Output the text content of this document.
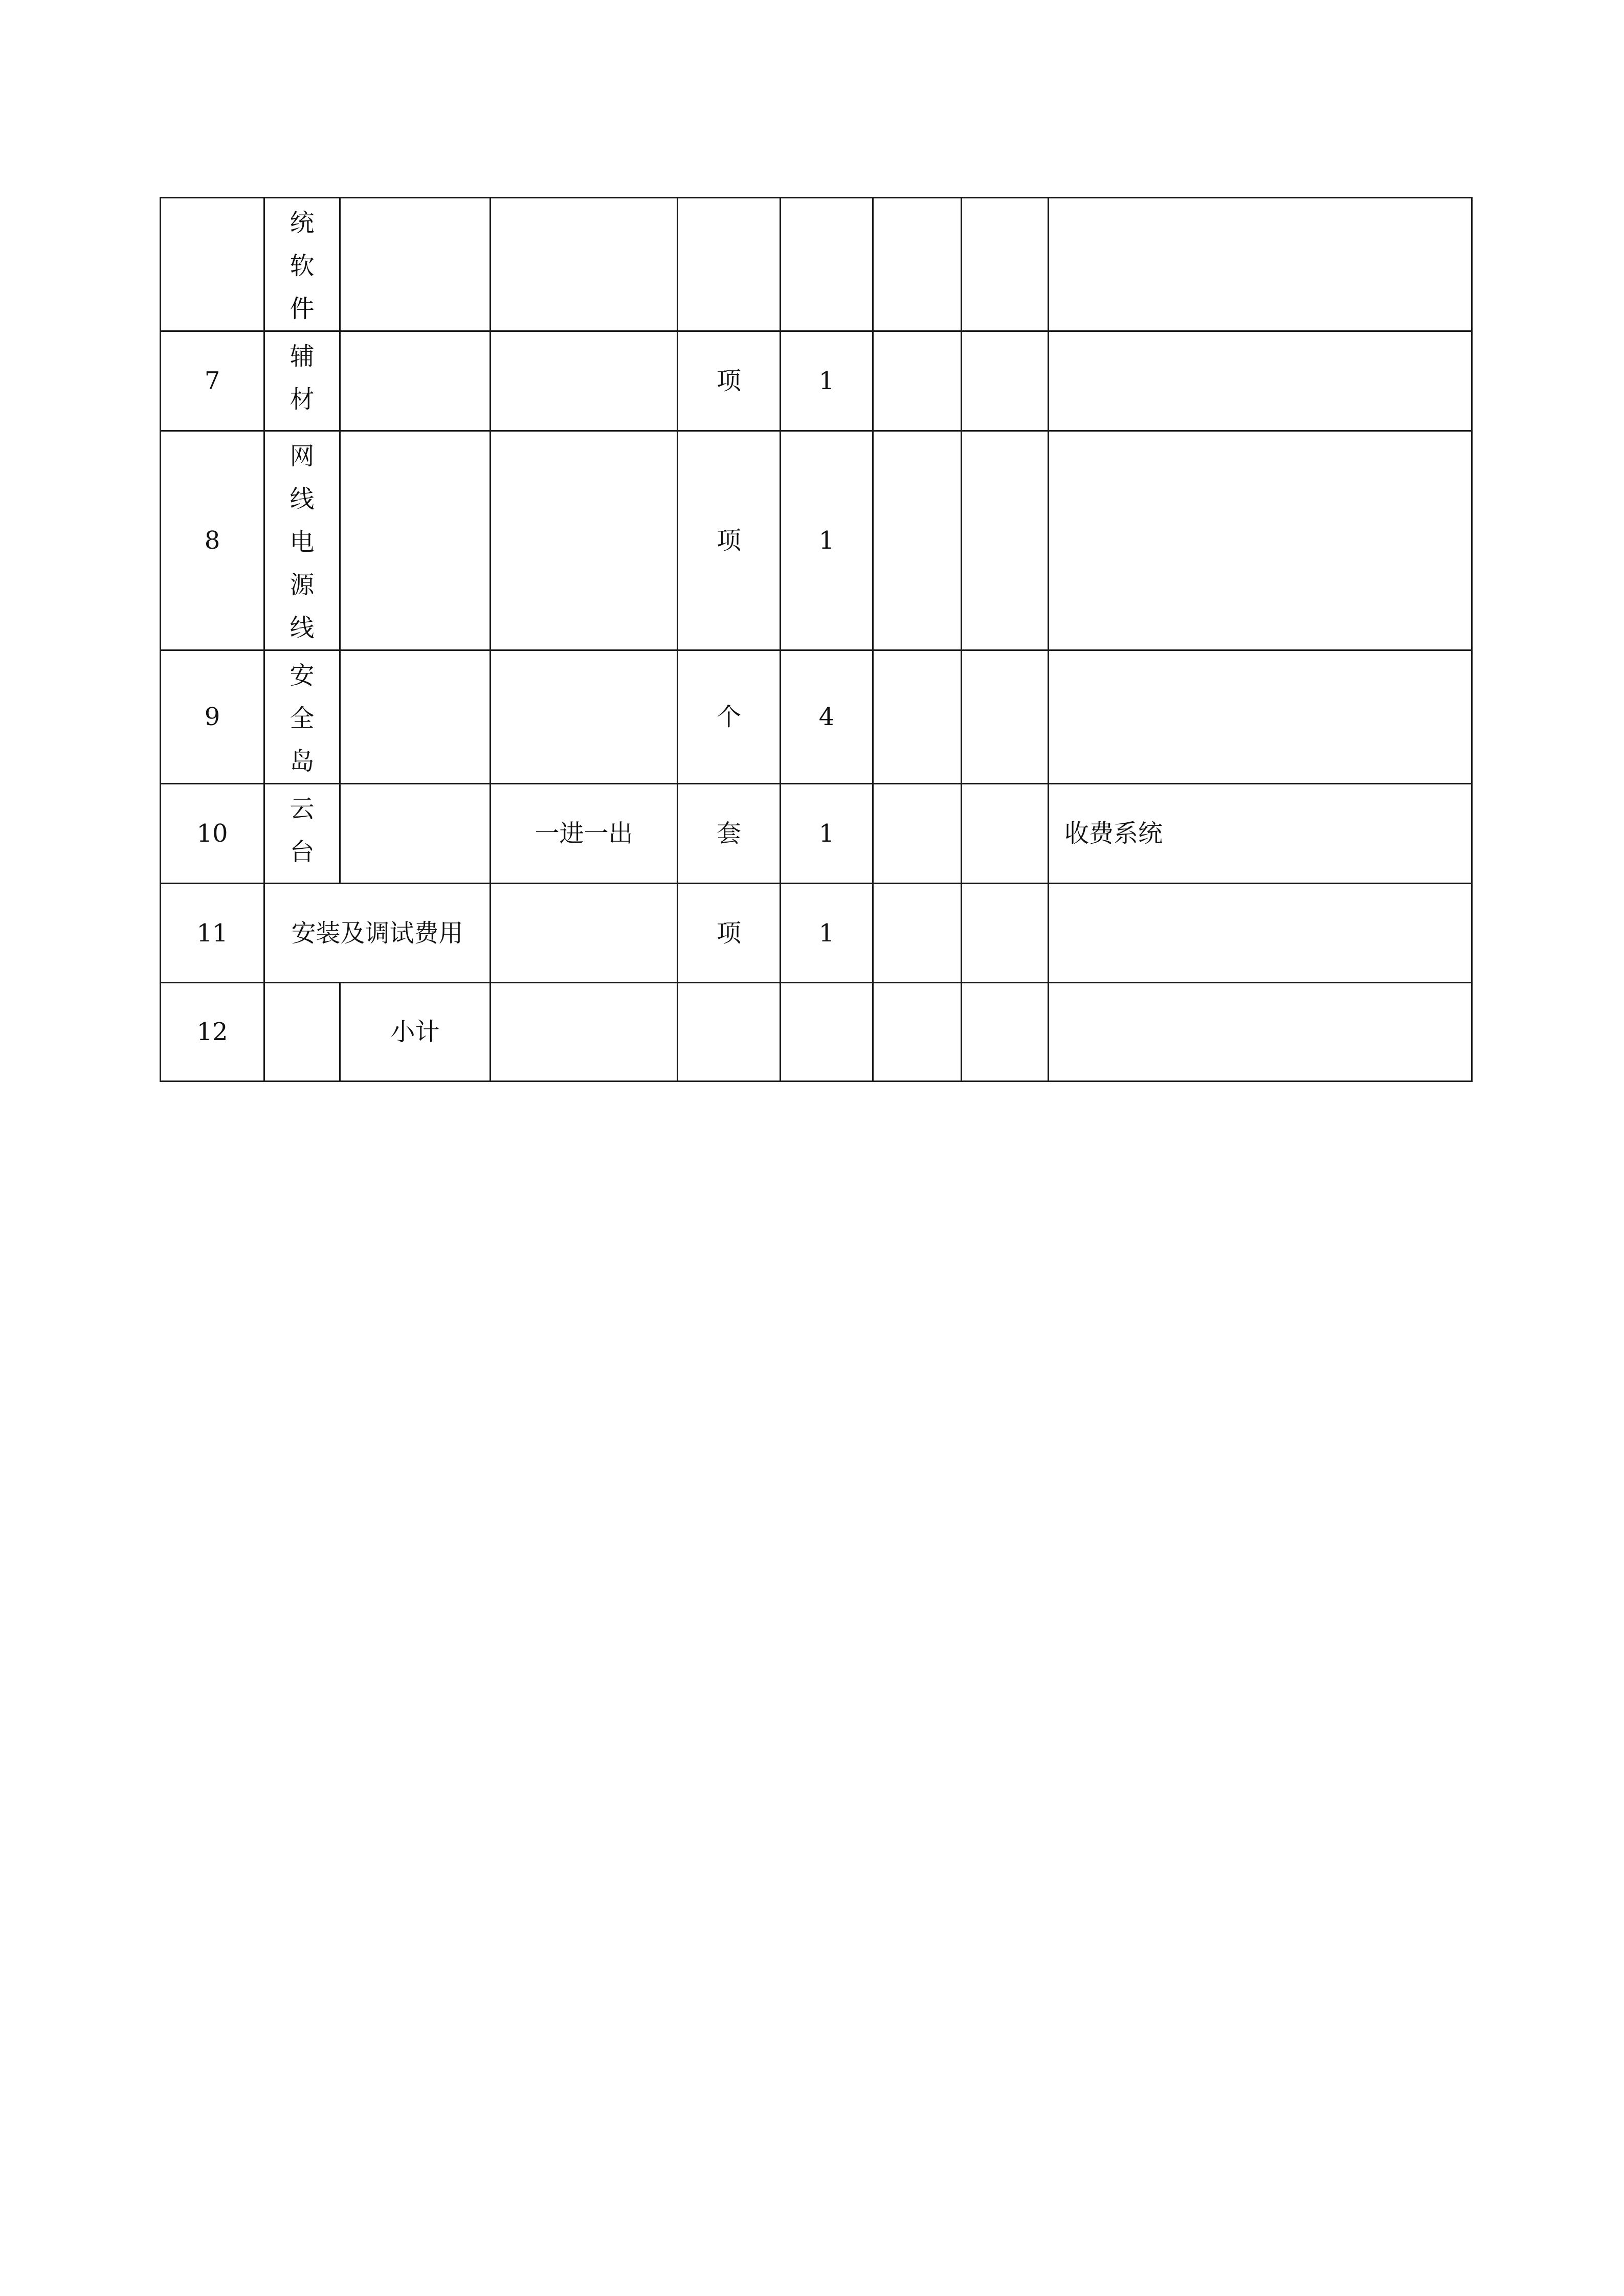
	统软件							

7	辅材			项	1			
8	网线电源线			项	1			
9	安全岛			个	4			
10	云台		一进一出	套	1			收费系统
11	安装及调试费用			项	1			
12		小计						
